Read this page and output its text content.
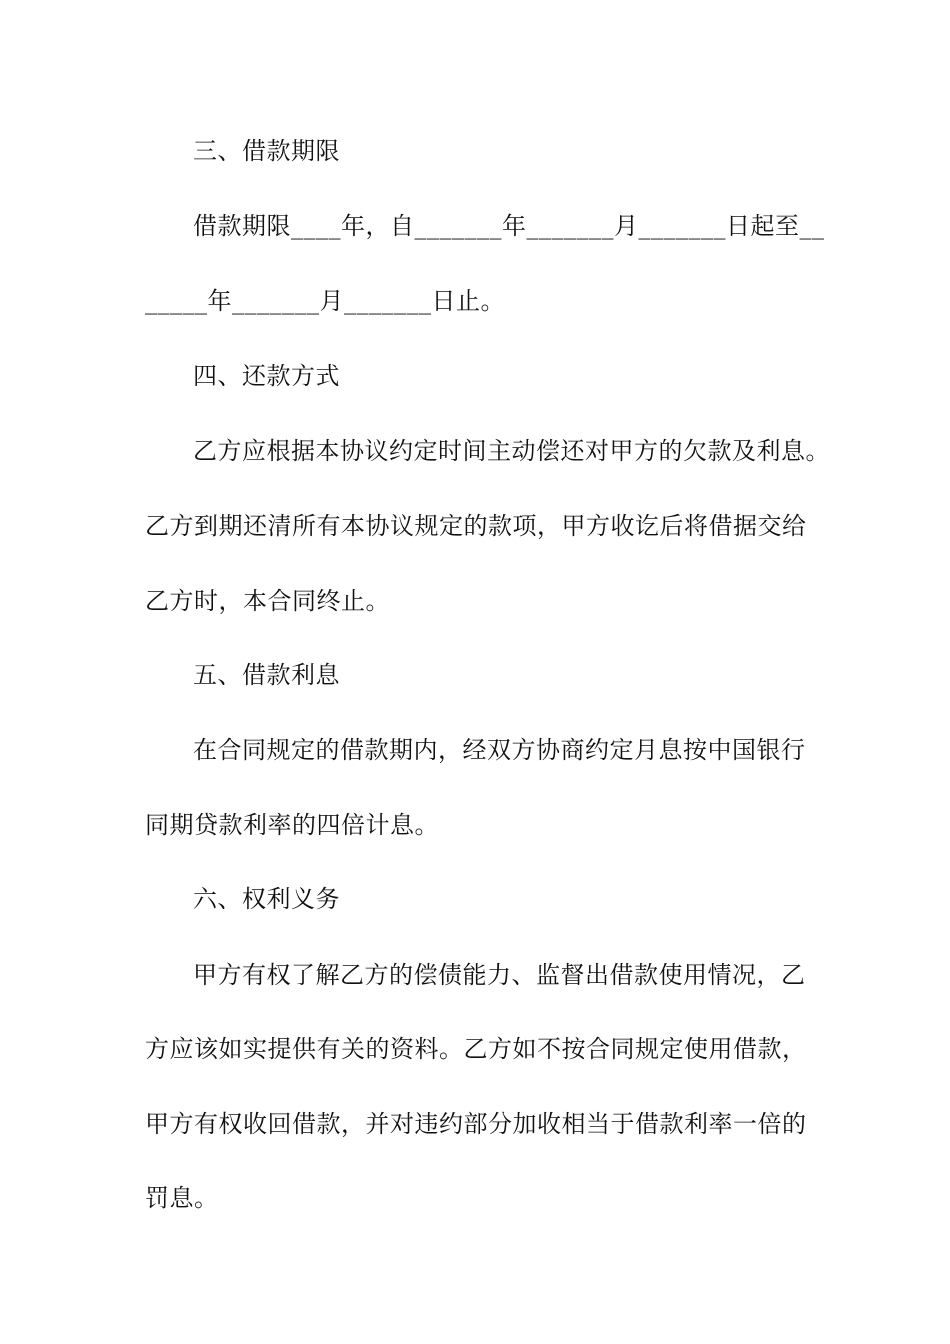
三、借款期限
借款期限____年，自_______年_______月_______日起至__
_____年_______月_______日止。
四、还款方式
乙方应根据本协议约定时间主动偿还对甲方的欠款及利息。
乙方到期还清所有本协议规定的款项，甲方收讫后将借据交给
乙方时，本合同终止。
五、借款利息
在合同规定的借款期内，经双方协商约定月息按中国银行
同期贷款利率的四倍计息。
六、权利义务
甲方有权了解乙方的偿债能力、监督出借款使用情况，乙
方应该如实提供有关的资料。乙方如不按合同规定使用借款，
甲方有权收回借款，并对违约部分加收相当于借款利率一倍的
罚息。
